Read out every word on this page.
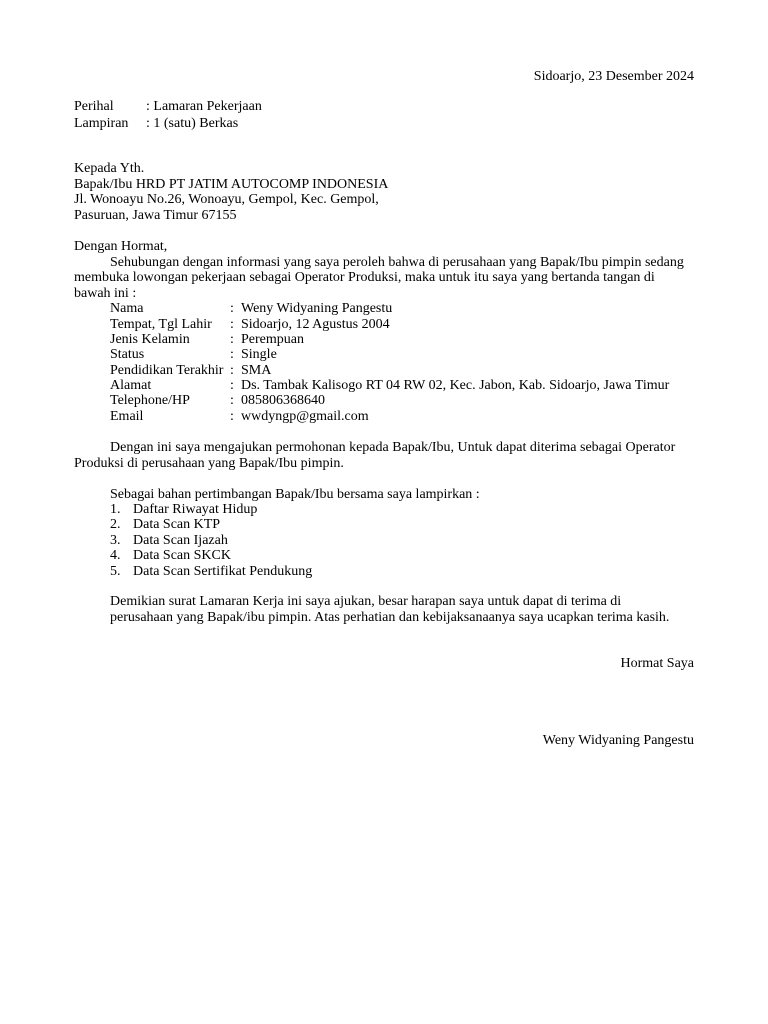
Sidoarjo, 23 Desember 2024
Perihal : Lamaran Pekerjaan
Lampiran : 1 (satu) Berkas
Kepada Yth.
Bapak/Ibu HRD PT JATIM AUTOCOMP INDONESIA
Jl. Wonoayu No.26, Wonoayu, Gempol, Kec. Gempol,
Pasuruan, Jawa Timur 67155
Dengan Hormat,
Sehubungan dengan informasi yang saya peroleh bahwa di perusahaan yang Bapak/Ibu pimpin sedang
membuka lowongan pekerjaan sebagai Operator Produksi, maka untuk itu saya yang bertanda tangan di
bawah ini :
Nama	: Weny Widyaning Pangestu
Tempat, Tgl Lahir : Sidoarjo, 12 Agustus 2004
Jenis Kelamin	: Perempuan
Status	: Single
Pendidikan Terakhir : SMA
Alamat	: Ds. Tambak Kalisogo RT 04 RW 02, Kec. Jabon, Kab. Sidoarjo, Jawa Timur
Telephone/HP	: 085806368640
Email	: wwdyngp@gmail.com
Dengan ini saya mengajukan permohonan kepada Bapak/Ibu, Untuk dapat diterima sebagai Operator
Produksi di perusahaan yang Bapak/Ibu pimpin.
Sebagai bahan pertimbangan Bapak/Ibu bersama saya lampirkan :
1. Daftar Riwayat Hidup
2. Data Scan KTP
3. Data Scan Ijazah
4. Data Scan SKCK
5. Data Scan Sertifikat Pendukung
Demikian surat Lamaran Kerja ini saya ajukan, besar harapan saya untuk dapat di terima di
perusahaan yang Bapak/ibu pimpin. Atas perhatian dan kebijaksanaanya saya ucapkan terima kasih.
Hormat Saya
Weny Widyaning Pangestu
